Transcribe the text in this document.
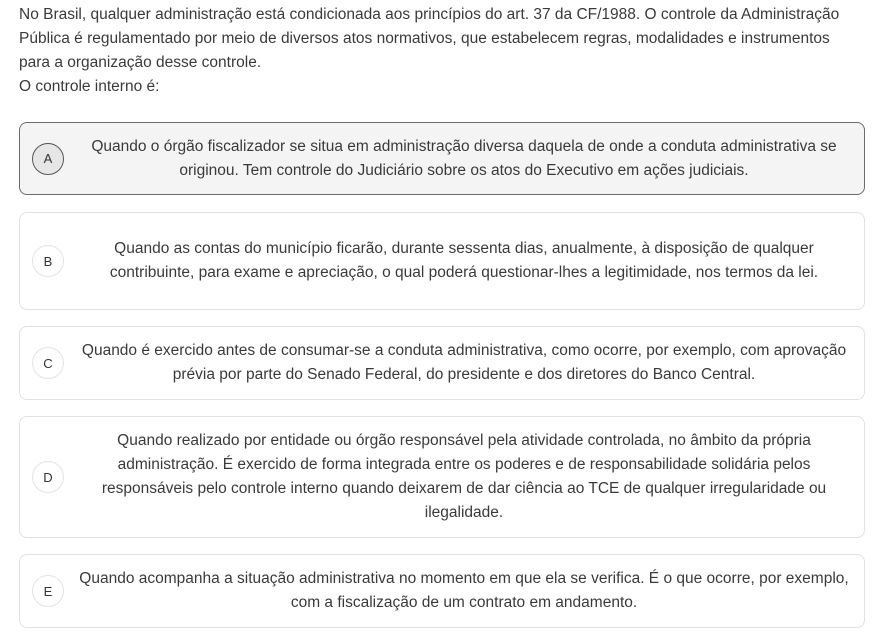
No Brasil, qualquer administração está condicionada aos princípios do art. 37 da CF/1988. O controle da Administração Pública é regulamentado por meio de diversos atos normativos, que estabelecem regras, modalidades e instrumentos para a organização desse controle.

O controle interno é:

A
Quando o órgão fiscalizador se situa em administração diversa daquela de onde a conduta administrativa se originou. Tem controle do Judiciário sobre os atos do Executivo em ações judiciais.
B
Quando as contas do município ficarão, durante sessenta dias, anualmente, à disposição de qualquer contribuinte, para exame e apreciação, o qual poderá questionar-lhes a legitimidade, nos termos da lei.
C
Quando é exercido antes de consumar-se a conduta administrativa, como ocorre, por exemplo, com aprovação prévia por parte do Senado Federal, do presidente e dos diretores do Banco Central.
D
Quando realizado por entidade ou órgão responsável pela atividade controlada, no âmbito da própria administração. É exercido de forma integrada entre os poderes e de responsabilidade solidária pelos responsáveis pelo controle interno quando deixarem de dar ciência ao TCE de qualquer irregularidade ou ilegalidade.
E
Quando acompanha a situação administrativa no momento em que ela se verifica. É o que ocorre, por exemplo, com a fiscalização de um contrato em andamento.
